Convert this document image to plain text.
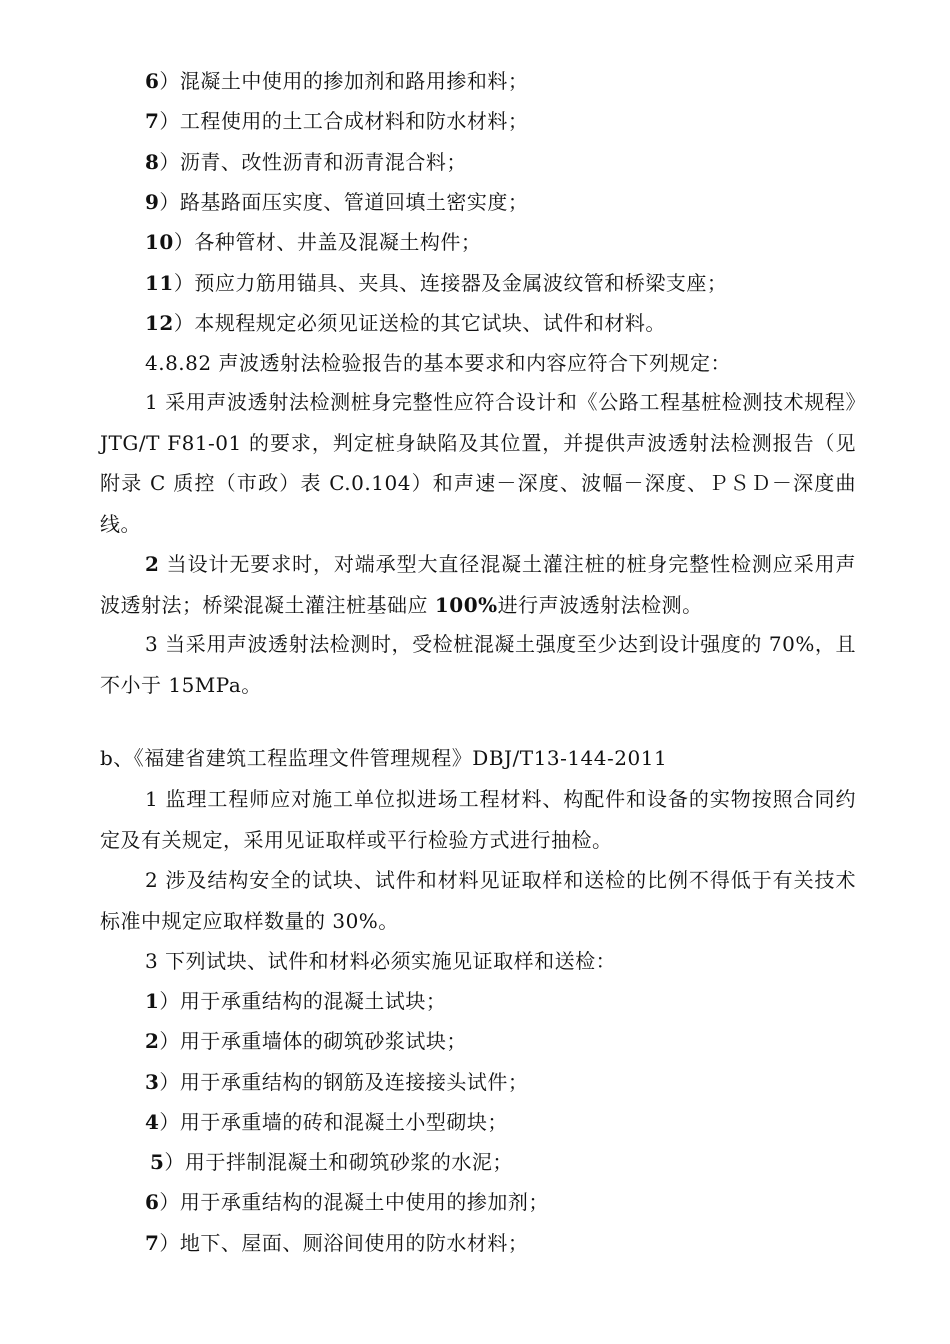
6）混凝土中使用的掺加剂和路用掺和料；
7）工程使用的土工合成材料和防水材料；
8）沥青、改性沥青和沥青混合料；
9）路基路面压实度、管道回填土密实度；
10）各种管材、井盖及混凝土构件；
11）预应力筋用锚具、夹具、连接器及金属波纹管和桥梁支座；
12）本规程规定必须见证送检的其它试块、试件和材料。
4.8.82 声波透射法检验报告的基本要求和内容应符合下列规定：
1 采用声波透射法检测桩身完整性应符合设计和《公路工程基桩检测技术规程》JTG/T F81-01 的要求，判定桩身缺陷及其位置，并提供声波透射法检测报告（见附录 C 质控（市政）表 C.0.104）和声速－深度、波幅－深度、ＰＳＤ－深度曲线。
2 当设计无要求时，对端承型大直径混凝土灌注桩的桩身完整性检测应采用声波透射法；桥梁混凝土灌注桩基础应 100%进行声波透射法检测。
3 当采用声波透射法检测时，受检桩混凝土强度至少达到设计强度的 70%，且不小于 15MPa。
b、《福建省建筑工程监理文件管理规程》DBJ/T13-144-2011
1 监理工程师应对施工单位拟进场工程材料、构配件和设备的实物按照合同约定及有关规定，采用见证取样或平行检验方式进行抽检。
2 涉及结构安全的试块、试件和材料见证取样和送检的比例不得低于有关技术标准中规定应取样数量的 30%。
3 下列试块、试件和材料必须实施见证取样和送检：
1）用于承重结构的混凝土试块；
2）用于承重墙体的砌筑砂浆试块；
3）用于承重结构的钢筋及连接接头试件；
4）用于承重墙的砖和混凝土小型砌块；
5）用于拌制混凝土和砌筑砂浆的水泥；
6）用于承重结构的混凝土中使用的掺加剂；
7）地下、屋面、厕浴间使用的防水材料；
